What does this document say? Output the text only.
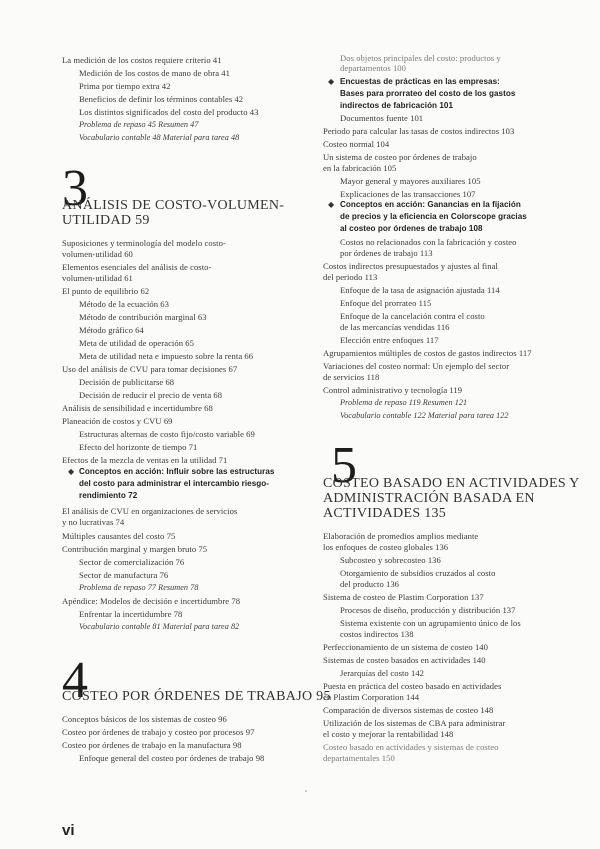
La medición de los costos requiere criterio 41
Medición de los costos de mano de obra 41
Prima por tiempo extra 42
Beneficios de definir los términos contables 42
Los distintos significados del costo del producto 43
Problema de repaso 45 Resumen 47
Vocabulario contable 48 Material para tarea 48
3
ANÁLISIS DE COSTO-VOLUMEN-
UTILIDAD 59
Suposiciones y terminología del modelo costo-
volumen-utilidad 60
Elementos esenciales del análisis de costo-
volumen-utilidad 61
El punto de equilibrio 62
Método de la ecuación 63
Método de contribución marginal 63
Método gráfico 64
Meta de utilidad de operación 65
Meta de utilidad neta e impuesto sobre la renta 66
Uso del análisis de CVU para tomar decisiones 67
Decisión de publicitarse 68
Decisión de reducir el precio de venta 68
Análisis de sensibilidad e incertidumbre 68
Planeación de costos y CVU 69
Estructuras alternas de costo fijo/costo variable 69
Efecto del horizonte de tiempo 71
Efectos de la mezcla de ventas en la utilidad 71
◆ Conceptos en acción: Influir sobre las estructuras
del costo para administrar el intercambio riesgo-
rendimiento 72
El análisis de CVU en organizaciones de servicios
y no lucrativas 74
Múltiples causantes del costo 75
Contribución marginal y margen bruto 75
Sector de comercialización 76
Sector de manufactura 76
Problema de repaso 77 Resumen 78
Apéndice: Modelos de decisión e incertidumbre 78
Enfrentar la incertidumbre 78
Vocabulario contable 81 Material para tarea 82
4
COSTEO POR ÓRDENES DE TRABAJO 95
Conceptos básicos de los sistemas de costeo 96
Costeo por órdenes de trabajo y costeo por procesos 97
Costeo por órdenes de trabajo en la manufactura 98
Enfoque general del costeo por órdenes de trabajo 98
vi
Dos objetos principales del costo: productos y
departamentos 100
◆ Encuestas de prácticas en las empresas:
Bases para prorrateo del costo de los gastos
indirectos de fabricación 101
Documentos fuente 101
Periodo para calcular las tasas de costos indirectos 103
Costeo normal 104
Un sistema de costeo por órdenes de trabajo
en la fabricación 105
Mayor general y mayores auxiliares 105
Explicaciones de las transacciones 107
◆ Conceptos en acción: Ganancias en la fijación
de precios y la eficiencia en Colorscope gracias
al costeo por órdenes de trabajo 108
Costos no relacionados con la fabricación y costeo
por órdenes de trabajo 113
Costos indirectos presupuestados y ajustes al final
del periodo 113
Enfoque de la tasa de asignación ajustada 114
Enfoque del prorrateo 115
Enfoque de la cancelación contra el costo
de las mercancías vendidas 116
Elección entre enfoques 117
Agrupamientos múltiples de costos de gastos indirectos 117
Variaciones del costeo normal: Un ejemplo del sector
de servicios 118
Control administrativo y tecnología 119
Problema de repaso 119 Resumen 121
Vocabulario contable 122 Material para tarea 122
5
COSTEO BASADO EN ACTIVIDADES Y
ADMINISTRACIÓN BASADA EN
ACTIVIDADES 135
Elaboración de promedios amplios mediante
los enfoques de costeo globales 136
Subcosteo y sobrecosteo 136
Otorgamiento de subsidios cruzados al costo
del producto 136
Sistema de costeo de Plastim Corporation 137
Procesos de diseño, producción y distribución 137
Sistema existente con un agrupamiento único de los
costos indirectos 138
Perfeccionamiento de un sistema de costeo 140
Sistemas de costeo basados en actividades 140
Jerarquías del costo 142
Puesta en práctica del costeo basado en actividades
en Plastim Corporation 144
Comparación de diversos sistemas de costeo 148
Utilización de los sistemas de CBA para administrar
el costo y mejorar la rentabilidad 148
Costeo basado en actividades y sistemas de costeo
departamentales 150
